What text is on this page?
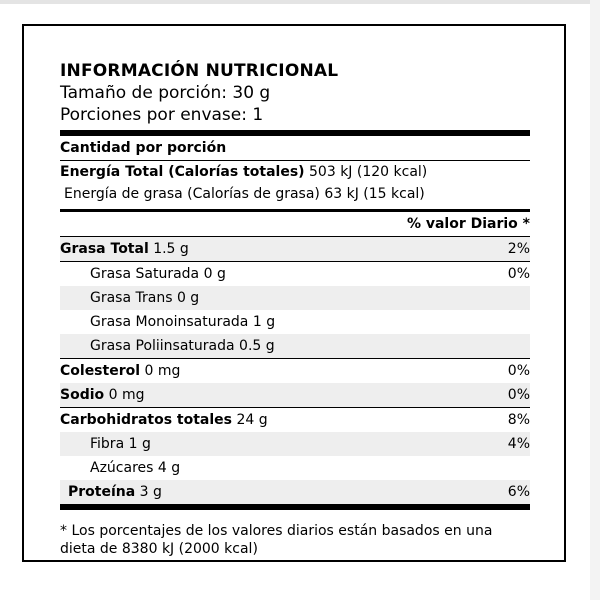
INFORMACIÓN NUTRICIONAL
Tamaño de porción: 30 g
Porciones por envase: 1
Cantidad por porción
Energía Total (Calorías totales) 503 kJ (120 kcal)
Energía de grasa (Calorías de grasa) 63 kJ (15 kcal)
% valor Diario *
Grasa Total 1.5 g	2%
Grasa Saturada 0 g	0%
Grasa Trans 0 g
Grasa Monoinsaturada 1 g
Grasa Poliinsaturada 0.5 g
Colesterol 0 mg	0%
Sodio 0 mg	0%
Carbohidratos totales 24 g	8%
Fibra 1 g	4%
Azúcares 4 g
Proteína 3 g	6%
* Los porcentajes de los valores diarios están basados en una dieta de 8380 kJ (2000 kcal)
